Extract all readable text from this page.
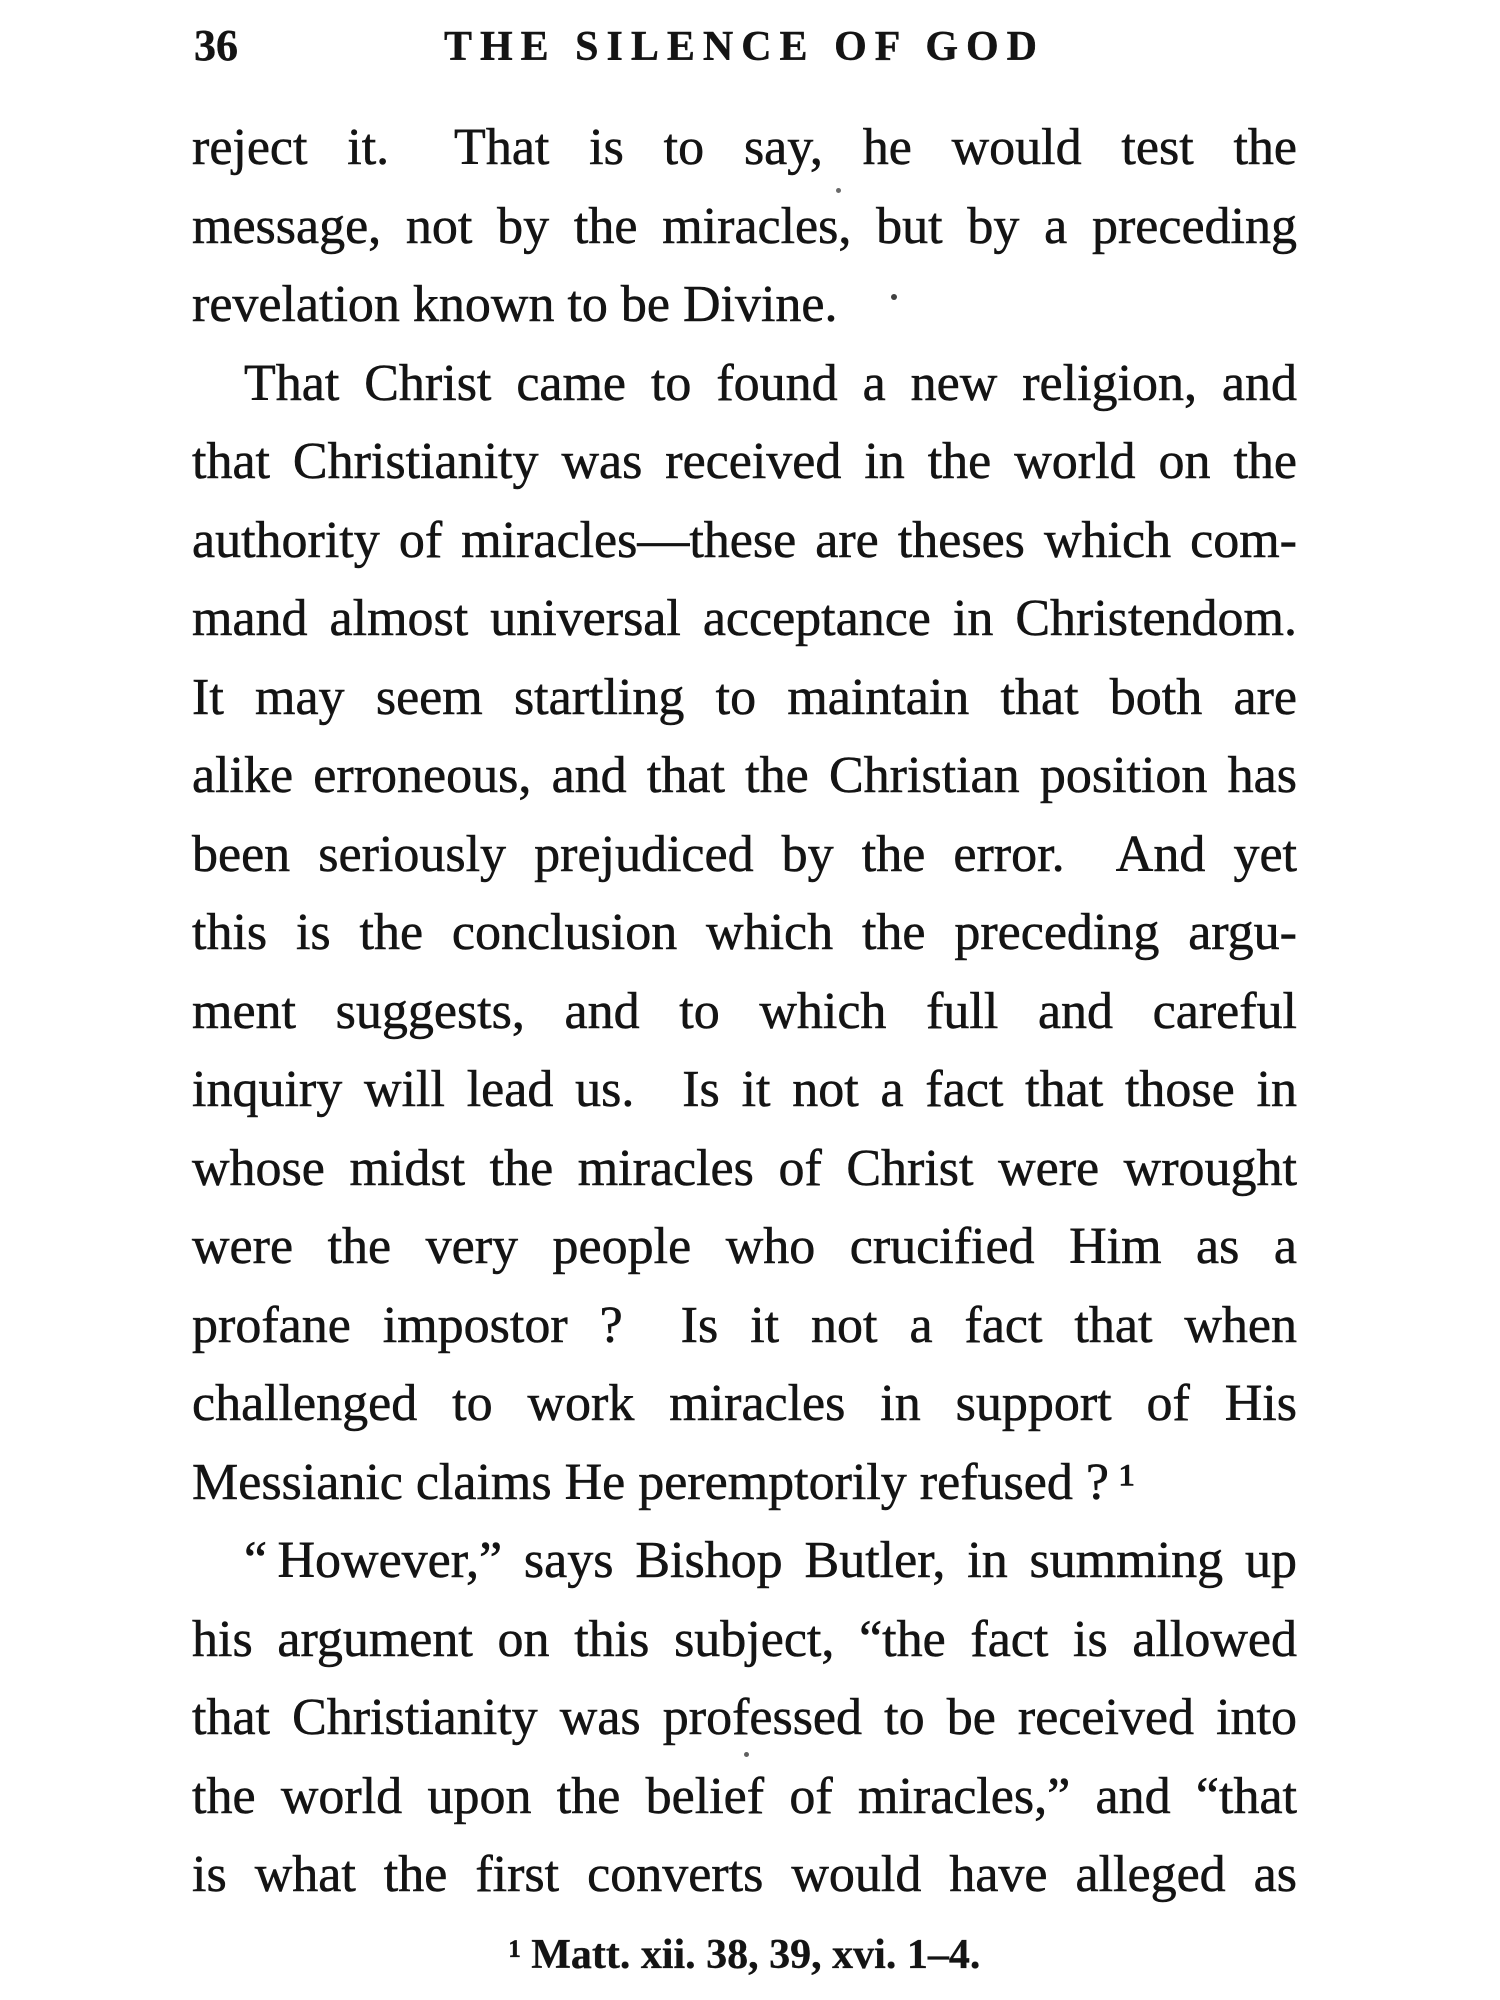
36	THE SILENCE OF GOD
reject it.  That is to say, he would test the
message, not by the miracles, but by a preceding
revelation known to be Divine.
That Christ came to found a new religion, and
that Christianity was received in the world on the
authority of miracles—these are theses which com-
mand almost universal acceptance in Christendom.
It may seem startling to maintain that both are
alike erroneous, and that the Christian position has
been seriously prejudiced by the error.  And yet
this is the conclusion which the preceding argu-
ment suggests, and to which full and careful
inquiry will lead us.  Is it not a fact that those in
whose midst the miracles of Christ were wrought
were the very people who crucified Him as a
profane impostor ?  Is it not a fact that when
challenged to work miracles in support of His
Messianic claims He peremptorily refused ? ¹
“ However,” says Bishop Butler, in summing up
his argument on this subject, “the fact is allowed
that Christianity was professed to be received into
the world upon the belief of miracles,” and “that
is what the first converts would have alleged as
¹ Matt. xii. 38, 39, xvi. 1–4.
